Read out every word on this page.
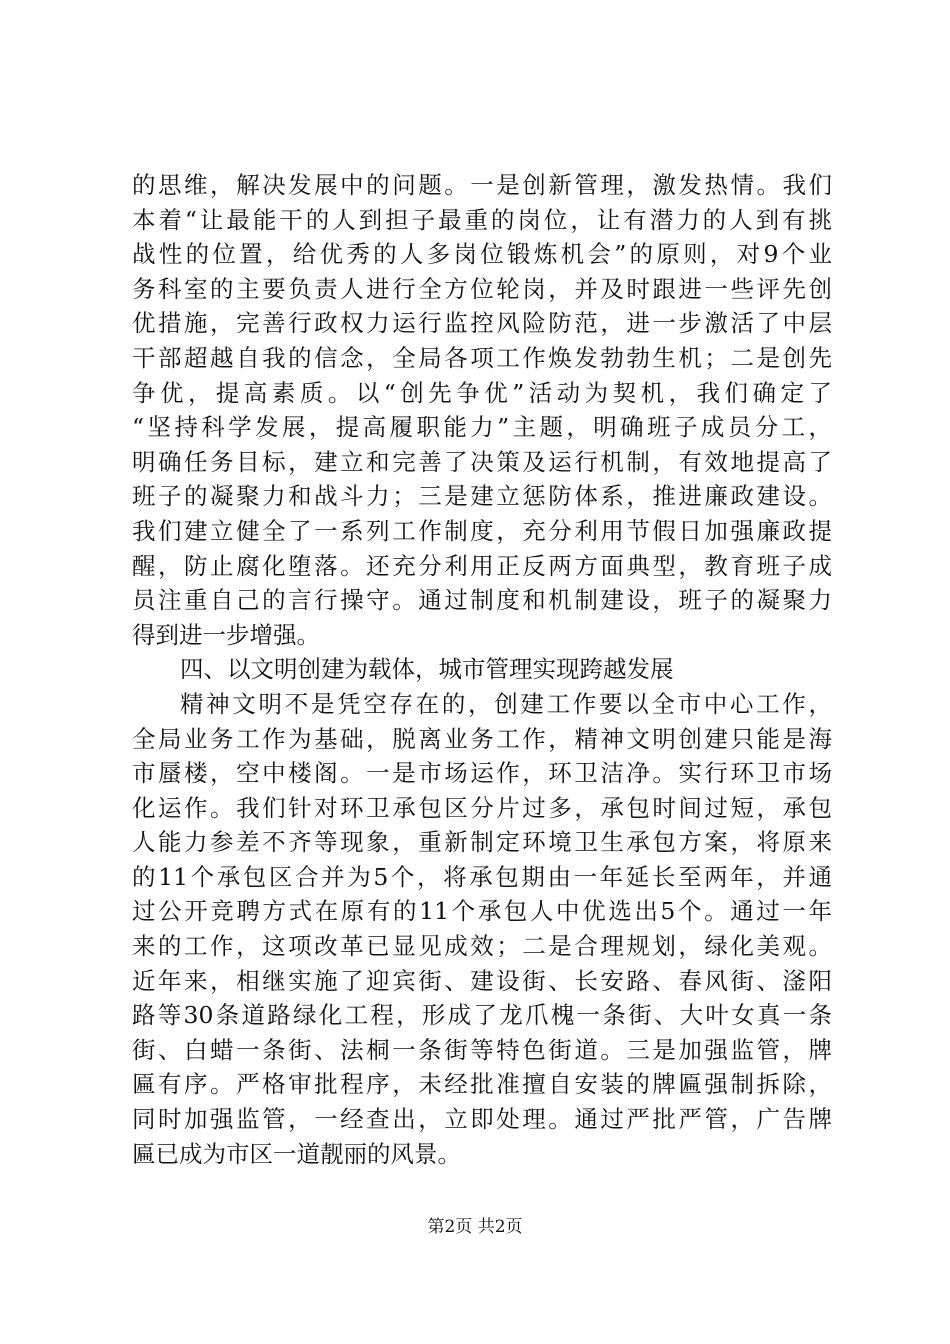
的思维，解决发展中的问题。一是创新管理，激发热情。我们
本着“让最能干的人到担子最重的岗位，让有潜力的人到有挑
战性的位置，给优秀的人多岗位锻炼机会”的原则，对9个业
务科室的主要负责人进行全方位轮岗，并及时跟进一些评先创
优措施，完善行政权力运行监控风险防范，进一步激活了中层
干部超越自我的信念，全局各项工作焕发勃勃生机；二是创先
争优，提高素质。以“创先争优”活动为契机，我们确定了
“坚持科学发展，提高履职能力”主题，明确班子成员分工，
明确任务目标，建立和完善了决策及运行机制，有效地提高了
班子的凝聚力和战斗力；三是建立惩防体系，推进廉政建设。
我们建立健全了一系列工作制度，充分利用节假日加强廉政提
醒，防止腐化堕落。还充分利用正反两方面典型，教育班子成
员注重自己的言行操守。通过制度和机制建设，班子的凝聚力
得到进一步增强。
四、以文明创建为载体，城市管理实现跨越发展
精神文明不是凭空存在的，创建工作要以全市中心工作，
全局业务工作为基础，脱离业务工作，精神文明创建只能是海
市蜃楼，空中楼阁。一是市场运作，环卫洁净。实行环卫市场
化运作。我们针对环卫承包区分片过多，承包时间过短，承包
人能力参差不齐等现象，重新制定环境卫生承包方案，将原来
的11个承包区合并为5个，将承包期由一年延长至两年，并通
过公开竞聘方式在原有的11个承包人中优选出5个。通过一年
来的工作，这项改革已显见成效；二是合理规划，绿化美观。
近年来，相继实施了迎宾街、建设街、长安路、春风街、滏阳
路等30条道路绿化工程，形成了龙爪槐一条街、大叶女真一条
街、白蜡一条街、法桐一条街等特色街道。三是加强监管，牌
匾有序。严格审批程序，未经批准擅自安装的牌匾强制拆除，
同时加强监管，一经查出，立即处理。通过严批严管，广告牌
匾已成为市区一道靓丽的风景。
第2页 共2页
